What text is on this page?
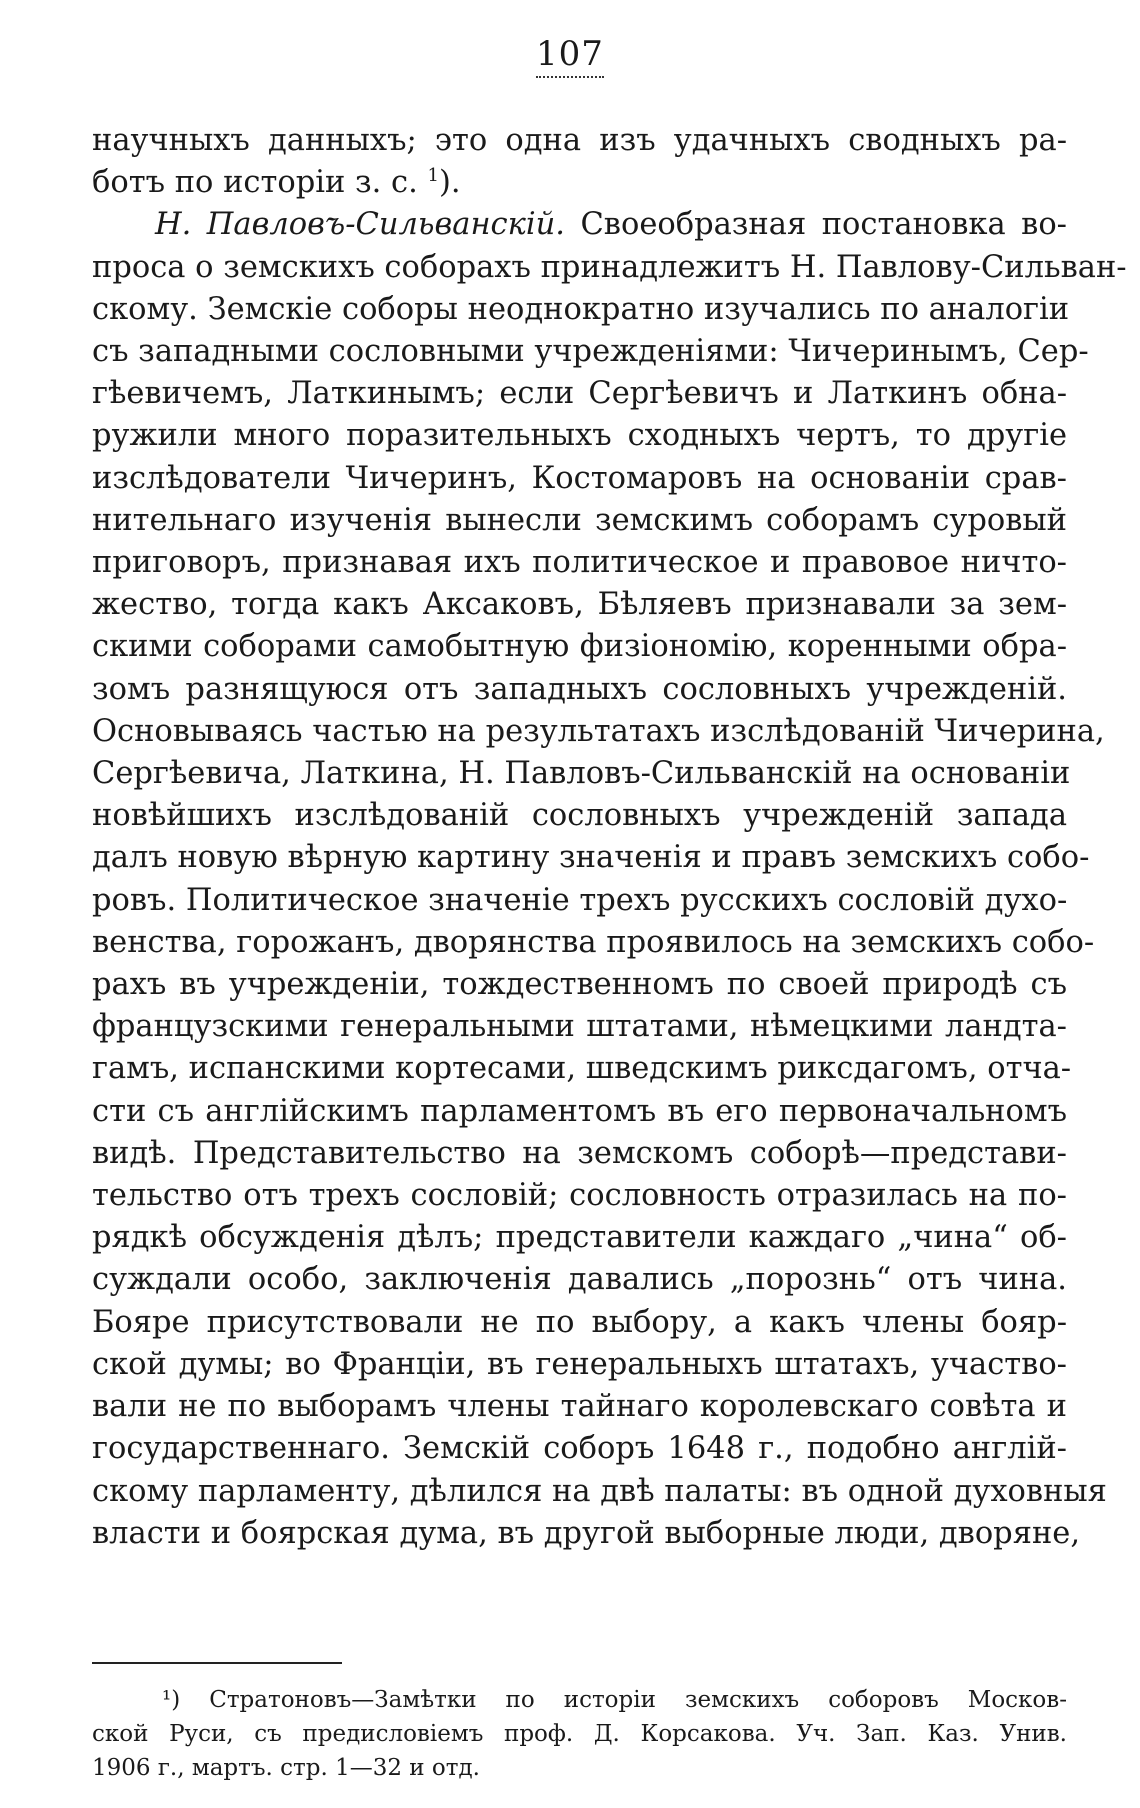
107
научныхъ данныхъ; это одна изъ удачныхъ сводныхъ ра-
ботъ по исторіи з. с. $^1$).
Н. Павловъ-Сильванскій. Своеобразная постановка во-
проса о земскихъ соборахъ принадлежитъ Н. Павлову-Сильван-
скому. Земскіе соборы неоднократно изучались по аналогіи
съ западными сословными учрежденіями: Чичеринымъ, Сер-
гѣевичемъ, Латкинымъ; если Сергѣевичъ и Латкинъ обна-
ружили много поразительныхъ сходныхъ чертъ, то другіе
изслѣдователи Чичеринъ, Костомаровъ на основаніи срав-
нительнаго изученія вынесли земскимъ соборамъ суровый
приговоръ, признавая ихъ политическое и правовое ничто-
жество, тогда какъ Аксаковъ, Бѣляевъ признавали за зем-
скими соборами самобытную физіономію, коренными обра-
зомъ разнящуюся отъ западныхъ сословныхъ учрежденій.
Основываясь частью на результатахъ изслѣдованій Чичерина,
Сергѣевича, Латкина, Н. Павловъ-Сильванскій на основаніи
новѣйшихъ изслѣдованій сословныхъ учрежденій запада
далъ новую вѣрную картину значенія и правъ земскихъ собо-
ровъ. Политическое значеніе трехъ русскихъ сословій духо-
венства, горожанъ, дворянства проявилось на земскихъ собо-
рахъ въ учрежденіи, тождественномъ по своей природѣ съ
французскими генеральными штатами, нѣмецкими ландта-
гамъ, испанскими кортесами, шведскимъ риксдагомъ, отча-
сти съ англійскимъ парламентомъ въ его первоначальномъ
видѣ. Представительство на земскомъ соборѣ—представи-
тельство отъ трехъ сословій; сословность отразилась на по-
рядкѣ обсужденія дѣлъ; представители каждаго „чина“ об-
суждали особо, заключенія давались „порознь“ отъ чина.
Бояре присутствовали не по выбору, а какъ члены бояр-
ской думы; во Франціи, въ генеральныхъ штатахъ, участво-
вали не по выборамъ члены тайнаго королевскаго совѣта и
государственнаго. Земскій соборъ 1648 г., подобно англій-
скому парламенту, дѣлился на двѣ палаты: въ одной духовныя
власти и боярская дума, въ другой выборные люди, дворяне,
¹) Стратоновъ—Замѣтки по исторіи земскихъ соборовъ Москов-
ской Руси, съ предисловіемъ проф. Д. Корсакова. Уч. Зап. Каз. Унив.
1906 г., мартъ. стр. 1—32 и отд.
